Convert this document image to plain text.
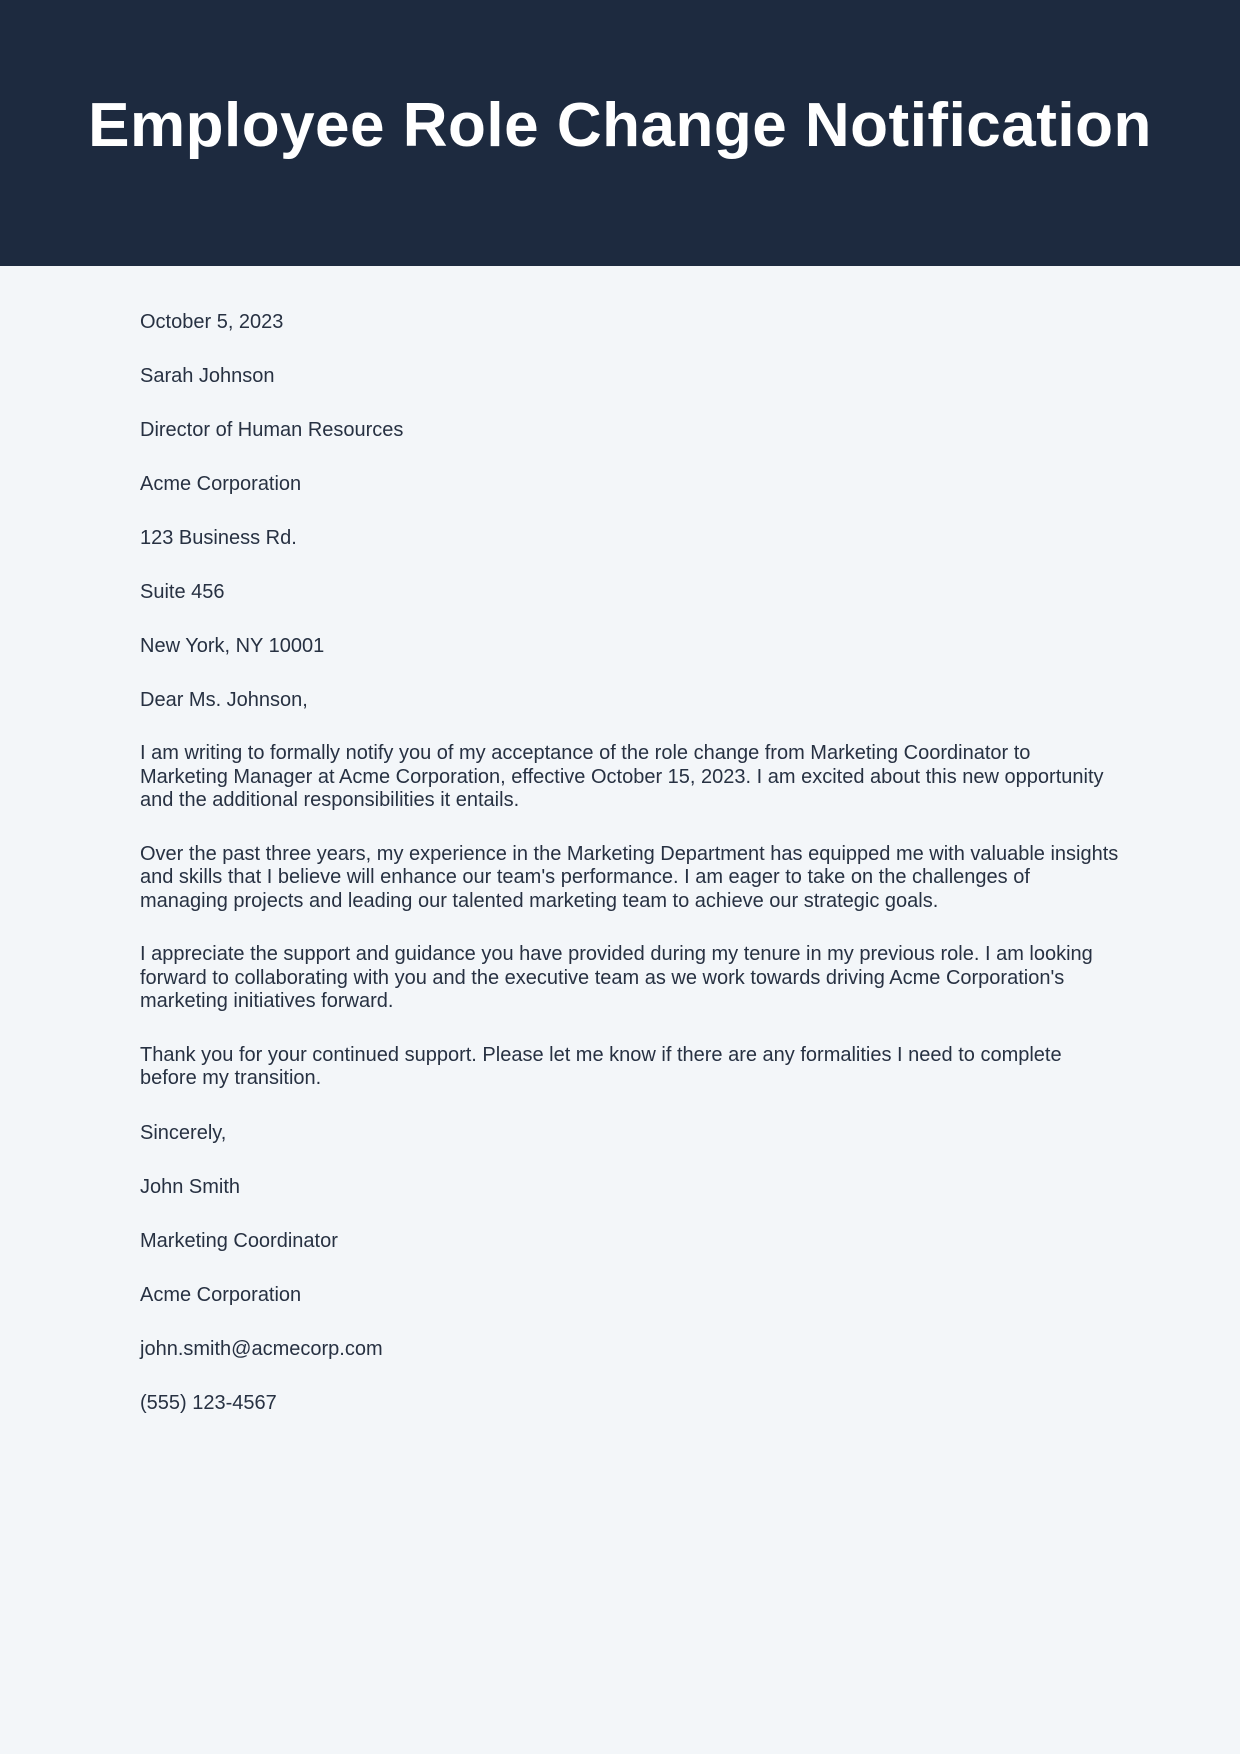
Employee Role Change Notification

October 5, 2023

Sarah Johnson

Director of Human Resources

Acme Corporation

123 Business Rd.

Suite 456

New York, NY 10001

Dear Ms. Johnson,

I am writing to formally notify you of my acceptance of the role change from Marketing Coordinator to Marketing Manager at Acme Corporation, effective October 15, 2023. I am excited about this new opportunity and the additional responsibilities it entails.

Over the past three years, my experience in the Marketing Department has equipped me with valuable insights and skills that I believe will enhance our team's performance. I am eager to take on the challenges of managing projects and leading our talented marketing team to achieve our strategic goals.

I appreciate the support and guidance you have provided during my tenure in my previous role. I am looking forward to collaborating with you and the executive team as we work towards driving Acme Corporation's marketing initiatives forward.

Thank you for your continued support. Please let me know if there are any formalities I need to complete before my transition.

Sincerely,

John Smith

Marketing Coordinator

Acme Corporation

john.smith@acmecorp.com

(555) 123-4567
